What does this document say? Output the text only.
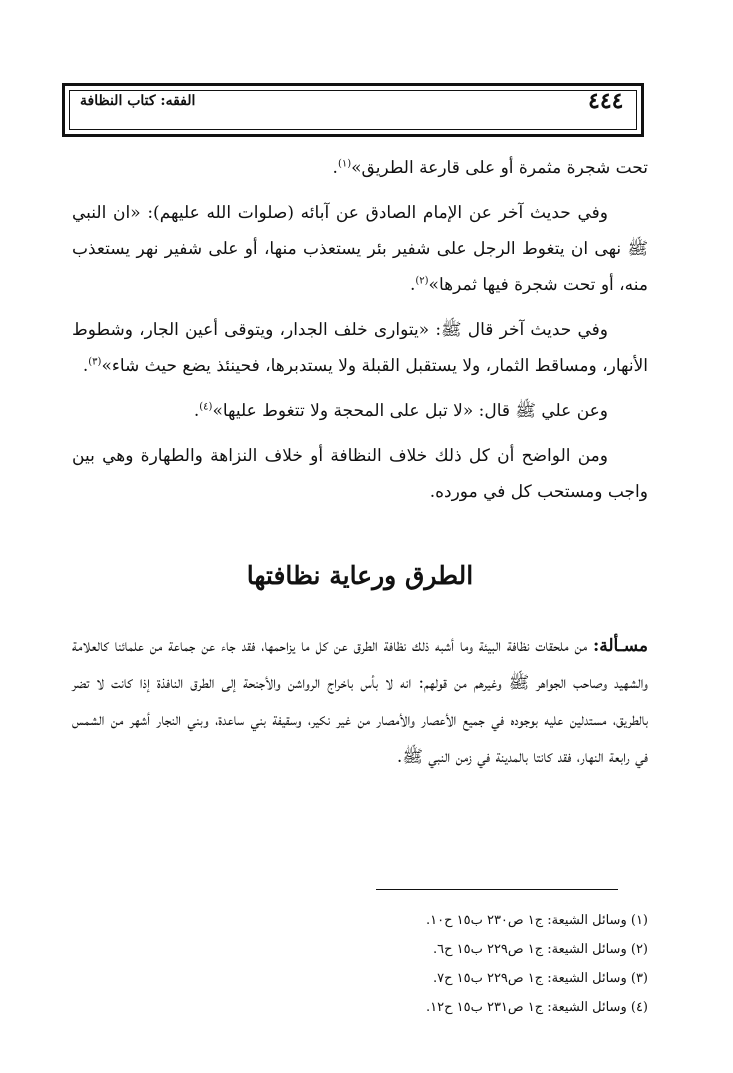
٤٤٤
الفقه: كتاب النظافة

تحت شجرة مثمرة أو على قارعة الطريق»$^{(١)}$.

وفي حديث آخر عن الإمام الصادق عن آبائه (صلوات الله عليهم): «ان النبي ﷺ نهى ان يتغوط الرجل على شفير بئر يستعذب منها، أو على شفير نهر يستعذب منه، أو تحت شجرة فيها ثمرها»$^{(٢)}$.

وفي حديث آخر قال ﷺ: «يتوارى خلف الجدار، ويتوقى أعين الجار، وشطوط الأنهار، ومساقط الثمار، ولا يستقبل القبلة ولا يستدبرها، فحينئذ يضع حيث شاء»$^{(٣)}$.

وعن علي ﷺ قال: «لا تبل على المحجة ولا تتغوط عليها»$^{(٤)}$.

ومن الواضح أن كل ذلك خلاف النظافة أو خلاف النزاهة والطهارة وهي بين واجب ومستحب كل في مورده.

الطرق ورعاية نظافتها

مسـألة: من ملحقات نظافة البيئة وما أشبه ذلك نظافة الطرق عن كل ما يزاحمها، فقد جاء عن جماعة من علمائنا كالعلامة والشهيد وصاحب الجواهر ﷺ وغيرهم من قولهم: انه لا بأس باخراج الرواشن والأجنحة إلى الطرق النافذة إذا كانت لا تضر بالطريق، مستدلين عليه بوجوده في جميع الأعصار والأمصار من غير نكير، وسقيفة بني ساعدة، وبني النجار أشهر من الشمس في رابعة النهار، فقد كانتا بالمدينة في زمن النبي ﷺ.

(١) وسائل الشيعة: ج١ ص٢٣٠ ب١٥ ح١٠.
(٢) وسائل الشيعة: ج١ ص٢٢٩ ب١٥ ح٦.
(٣) وسائل الشيعة: ج١ ص٢٢٩ ب١٥ ح٧.
(٤) وسائل الشيعة: ج١ ص٢٣١ ب١٥ ح١٢.
